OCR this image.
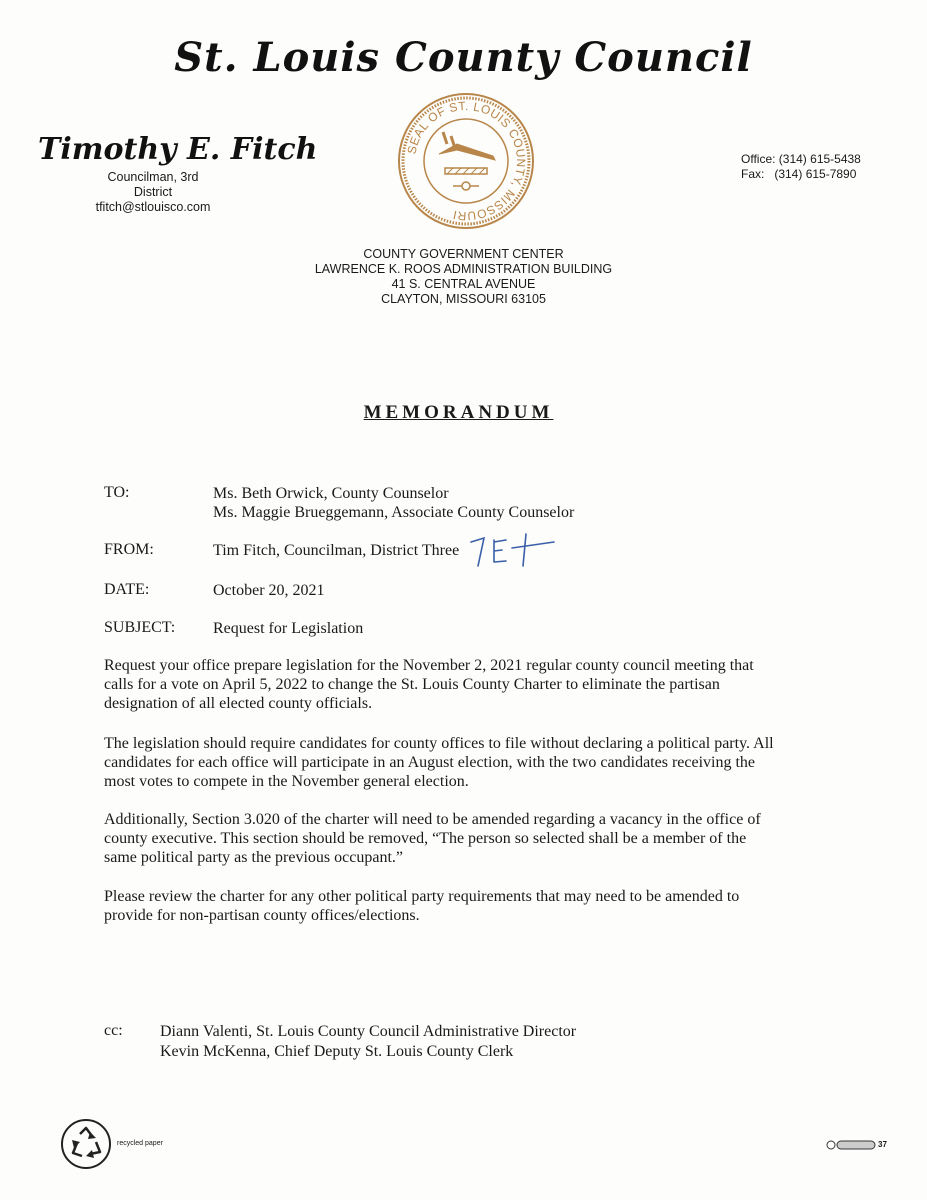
St. Louis County Council
Timothy E. Fitch
Councilman, 3rd District
tfitch@stlouisco.com
SEAL OF ST. LOUIS COUNTY, MISSOURI
Office: (314) 615-5438
Fax:   (314) 615-7890
COUNTY GOVERNMENT CENTER
LAWRENCE K. ROOS ADMINISTRATION BUILDING
41 S. CENTRAL AVENUE
CLAYTON, MISSOURI 63105
MEMORANDUM
TO:	Ms. Beth Orwick, County Counselor
Ms. Maggie Brueggemann, Associate County Counselor
FROM:	Tim Fitch, Councilman, District Three
DATE:	October 20, 2021
SUBJECT: Request for Legislation
Request your office prepare legislation for the November 2, 2021 regular county council meeting that
calls for a vote on April 5, 2022 to change the St. Louis County Charter to eliminate the partisan
designation of all elected county officials.
The legislation should require candidates for county offices to file without declaring a political party. All
candidates for each office will participate in an August election, with the two candidates receiving the
most votes to compete in the November general election.
Additionally, Section 3.020 of the charter will need to be amended regarding a vacancy in the office of
county executive. This section should be removed, “The person so selected shall be a member of the
same political party as the previous occupant.”
Please review the charter for any other political party requirements that may need to be amended to
provide for non-partisan county offices/elections.
cc: Diann Valenti, St. Louis County Council Administrative Director
Kevin McKenna, Chief Deputy St. Louis County Clerk
recycled paper	37
